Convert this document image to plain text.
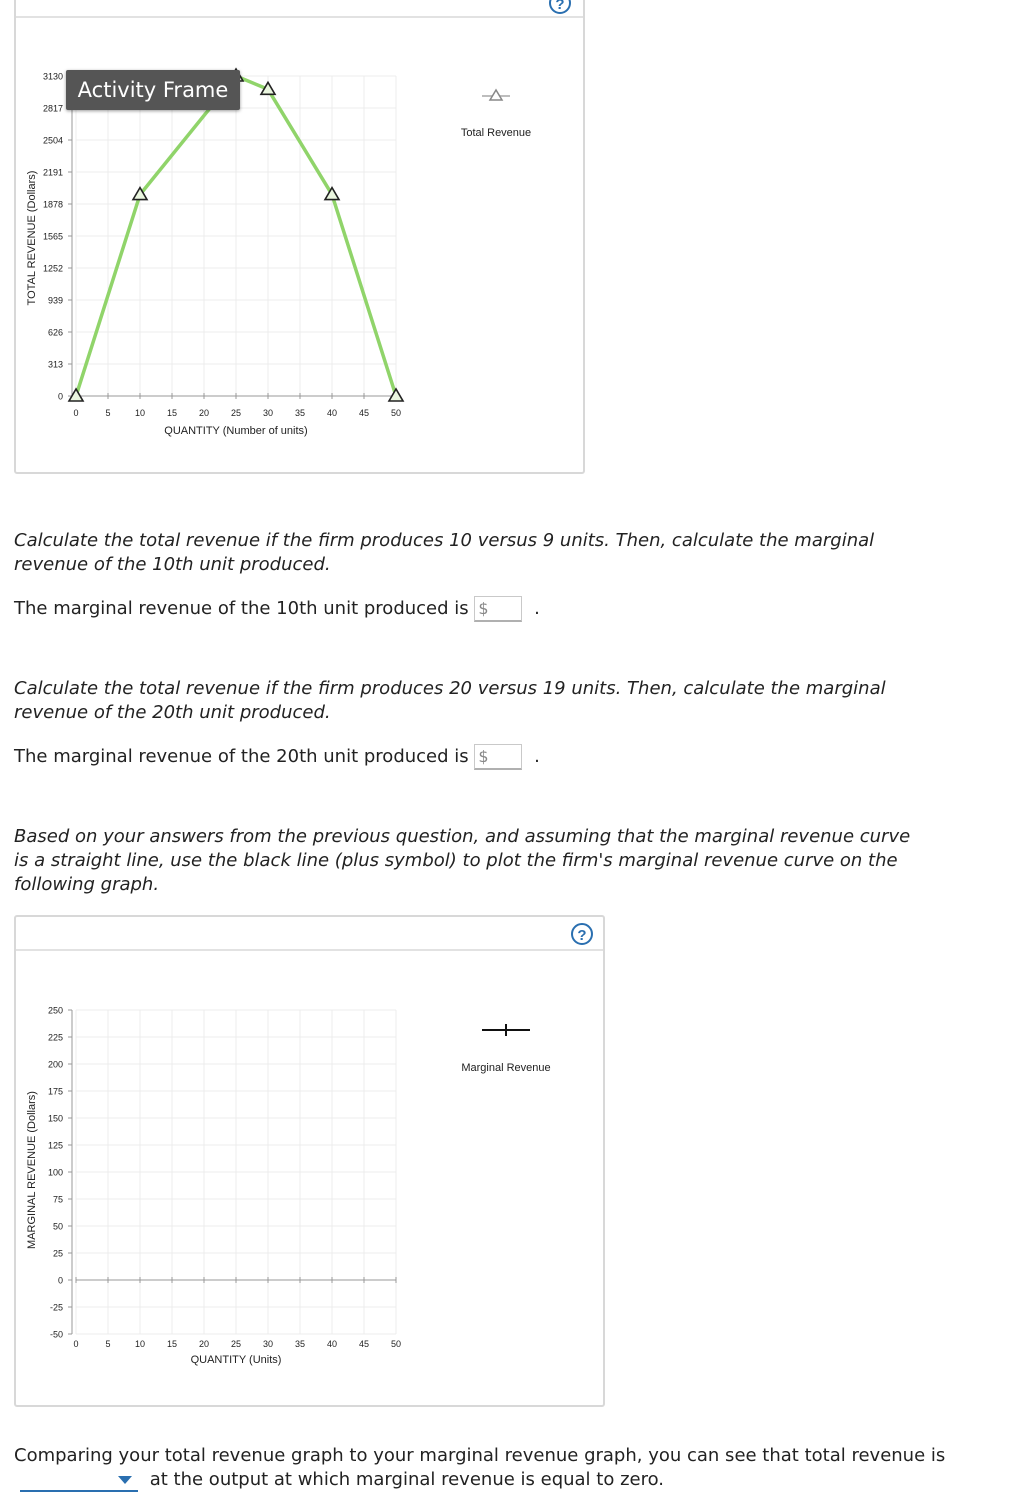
?
0
313
626
939
1252
1565
1878
2191
2504
2817
3130
0	5	10 15 20 25 30 35 40 45 50
TOTAL REVENUE (Dollars)
QUANTITY (Number of units)
Total Revenue
Activity Frame
Calculate the total revenue if the firm produces 10 versus 9 units. Then, calculate the marginal revenue of the 10th unit produced.
The marginal revenue of the 10th unit produced is $	.
Calculate the total revenue if the firm produces 20 versus 19 units. Then, calculate the marginal revenue of the 20th unit produced.
The marginal revenue of the 20th unit produced is $	.
Based on your answers from the previous question, and assuming that the marginal revenue curve is a straight line, use the black line (plus symbol) to plot the firm's marginal revenue curve on the following graph.
?
250
225
200
175
150
125
100
75
50
25
0
-25
-50
0	5	10 15 20 25 30 35 40 45 50
MARGINAL REVENUE (Dollars)
QUANTITY (Units)
Marginal Revenue
Comparing your total revenue graph to your marginal revenue graph, you can see that total revenue is
at the output at which marginal revenue is equal to zero.
